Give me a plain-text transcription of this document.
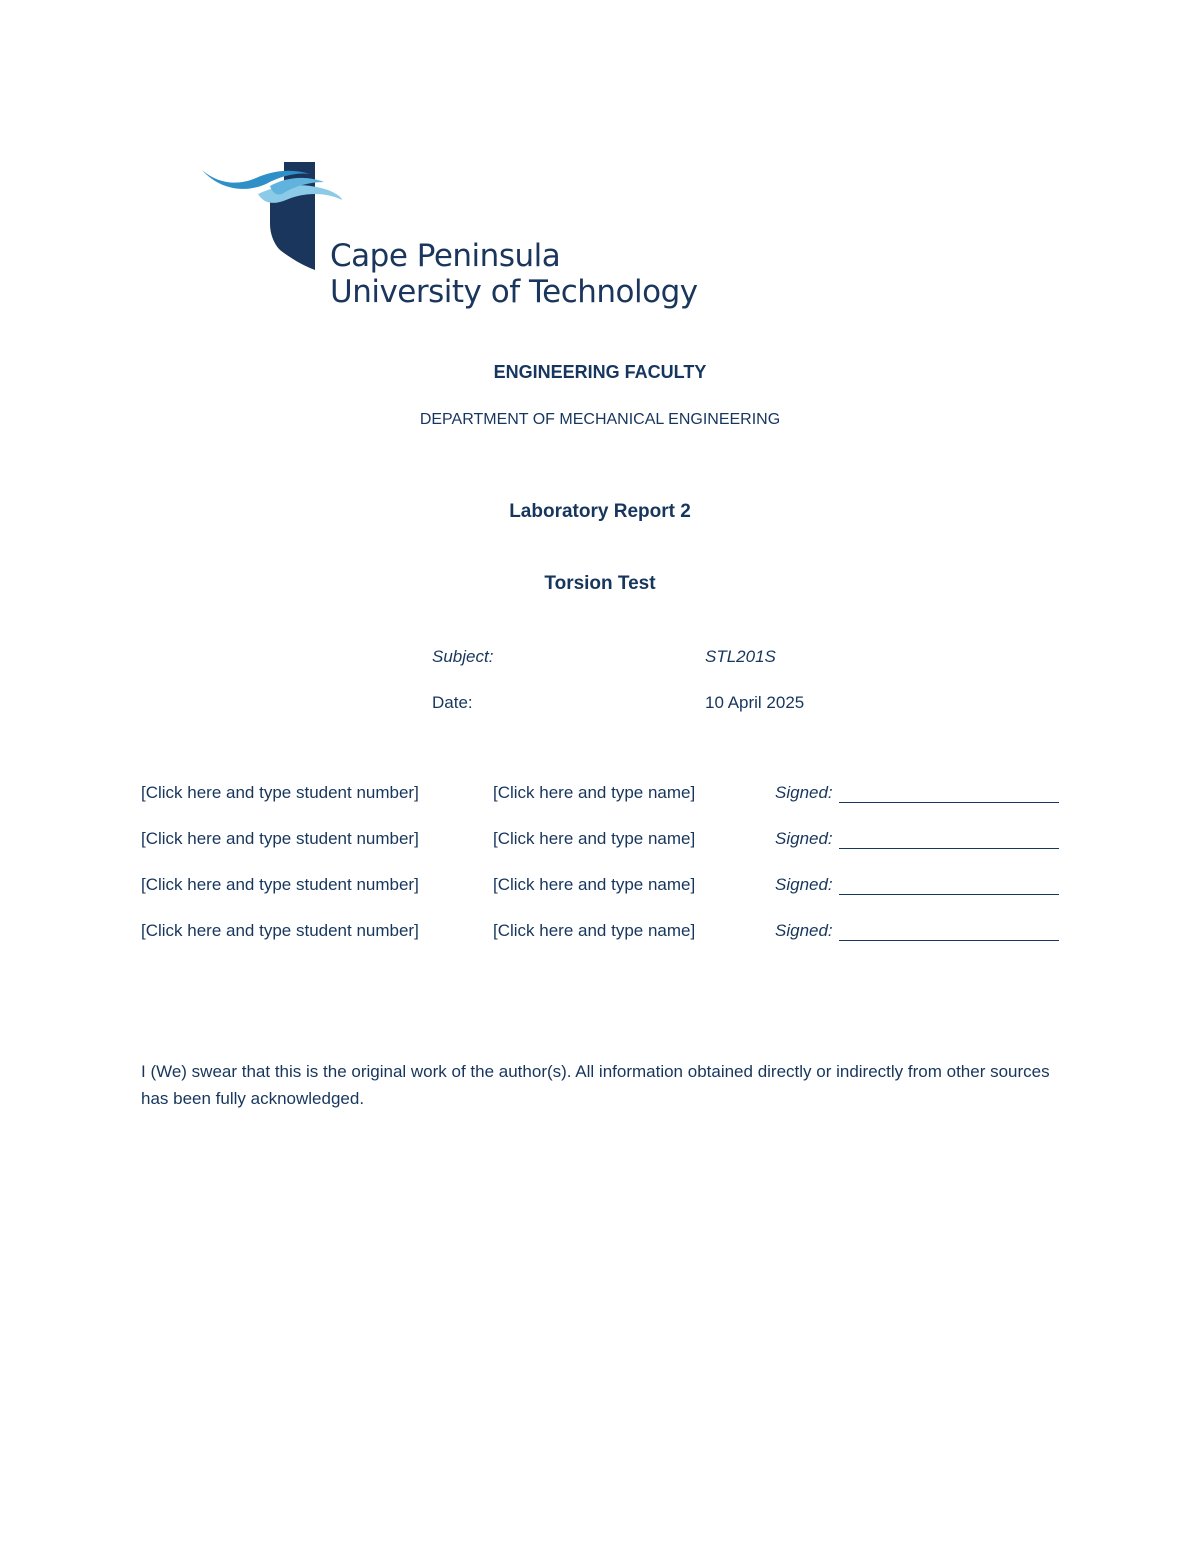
Cape Peninsula
University of Technology
ENGINEERING FACULTY
DEPARTMENT OF MECHANICAL ENGINEERING
Laboratory Report 2
Torsion Test
Subject:	STL201S
Date:	10 April 2025
[Click here and type student number]	[Click here and type name]	Signed:
[Click here and type student number]	[Click here and type name]	Signed:
[Click here and type student number]	[Click here and type name]	Signed:
[Click here and type student number]	[Click here and type name]	Signed:
I (We) swear that this is the original work of the author(s). All information obtained directly or indirectly from other sources has been fully acknowledged.
